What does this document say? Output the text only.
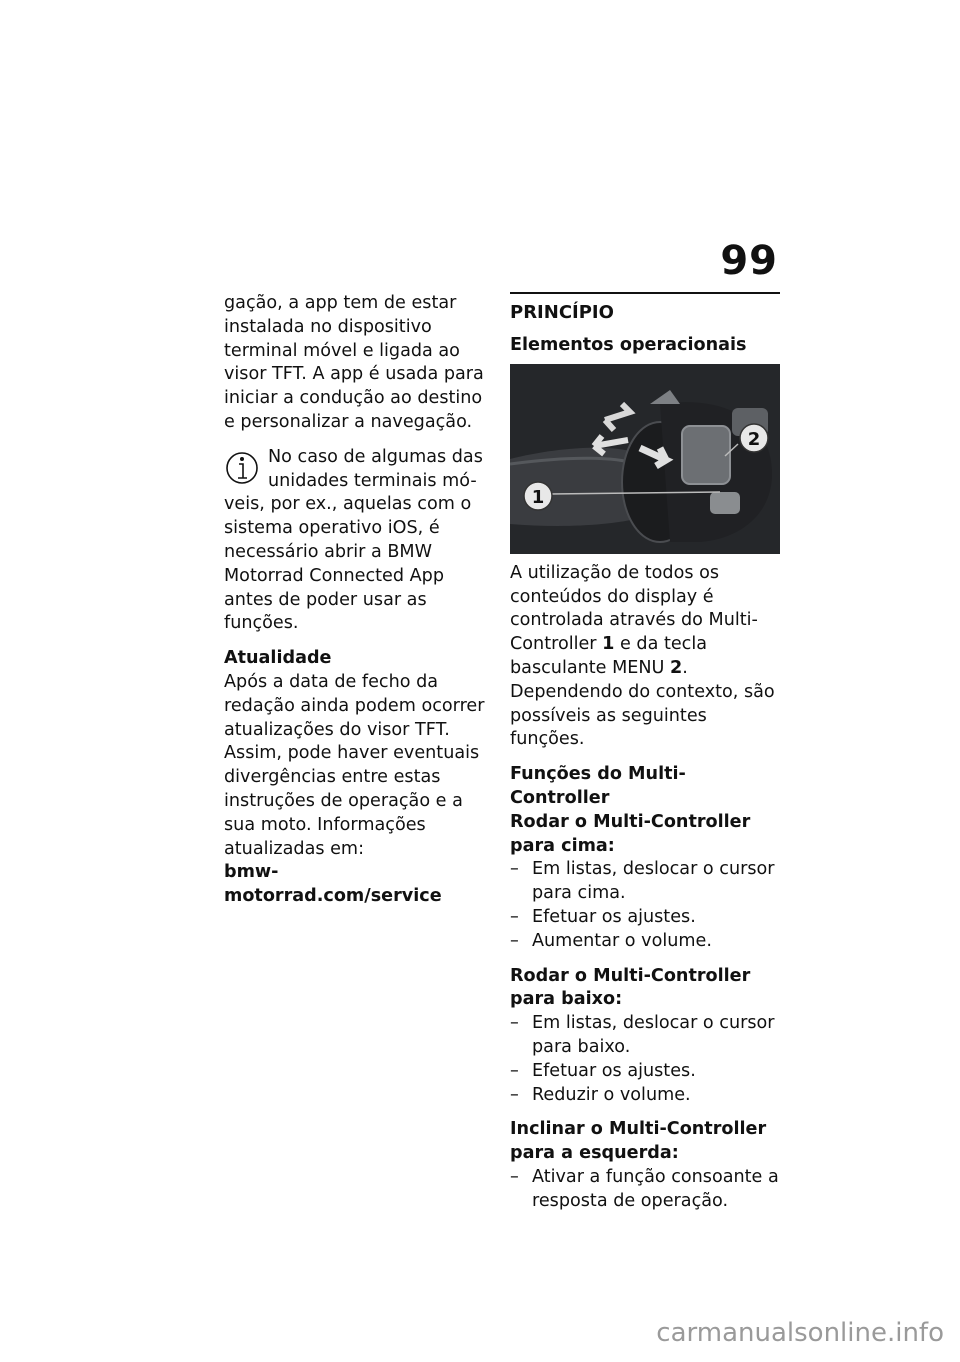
99

gação, a app tem de estar instalada no dispositivo terminal móvel e ligada ao visor TFT. A app é usada para iniciar a condução ao destino e personalizar a navegação.

No caso de algumas das
unidades terminais mó-
veis, por ex., aquelas com o sistema operativo iOS, é necessário abrir a BMW Motorrad Connected App antes de poder usar as funções.

Atualidade

Após a data de fecho da redação ainda podem ocorrer atualizações do visor TFT. Assim, pode haver eventuais divergências entre estas instruções de operação e a sua moto. Informações atualizadas em:

bmw-motorrad.com/service
PRINCÍPIO
Elementos operacionais
1
2

A utilização de todos os conteúdos do display é controlada através do Multi-Controller 1 e da tecla basculante MENU 2. Dependendo do contexto, são possíveis as seguintes funções.

Funções do Multi-Controller
Rodar o Multi-Controller para cima:
– Em listas, deslocar o cursor para cima.
– Efetuar os ajustes.
– Aumentar o volume.
Rodar o Multi-Controller para baixo:
– Em listas, deslocar o cursor para baixo.
– Efetuar os ajustes.
– Reduzir o volume.
Inclinar o Multi-Controller para a esquerda:
– Ativar a função consoante a resposta de operação.
carmanualsonline.info
